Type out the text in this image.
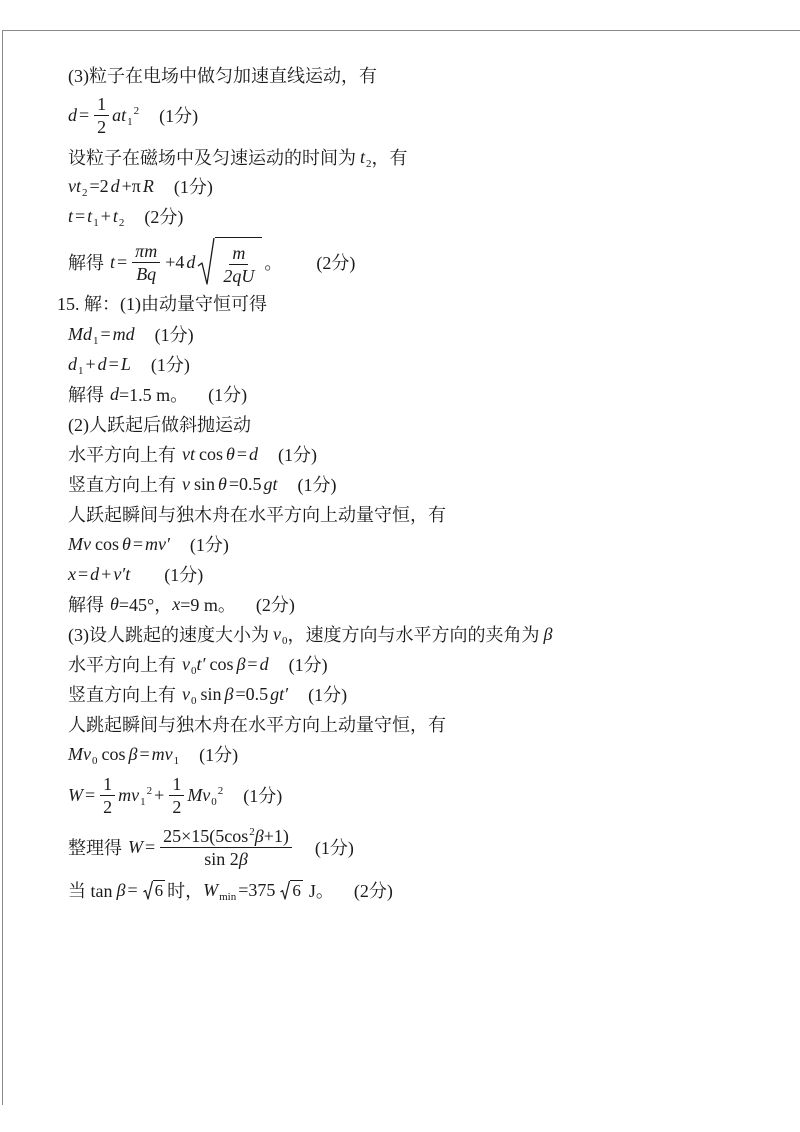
(3)粒子在电场中做匀加速直线运动，有
$d = \frac{1}{2} at_1^2$ (1分)
设粒子在磁场中及匀速运动的时间为 $t_2$ ，有
$vt_2 =2$ d +π R (1分)
$t = t_1 + t_2$ (2分)
解得 $t = \frac{\pi m}{Bq} +4$ d $\frac{m}{2qU}$ 。 (2分)
15. 解：(1)由动量守恒可得
$Md_1$ = md (1分)
$d_1 + d = L$ (1分)
解得 d =1.5 m。 (1分)
(2)人跃起后做斜抛运动
水平方向上有 vt cos θ = d (1分)
竖直方向上有 v sin θ =0.5 gt (1分)
人跃起瞬间与独木舟在水平方向上动量守恒，有
Mv cos θ = mv′ (1分)
x = d + v′t (1分)
解得 θ =45°， x =9 m。 (2分)
(3)设人跳起的速度大小为 $v_0$ ，速度方向与水平方向的夹角为 β
水平方向上有 $v_0$ t′ cos β = d (1分)
竖直方向上有 $v_0$ sin β =0.5 gt′ (1分)
人跳起瞬间与独木舟在水平方向上动量守恒，有
$Mv_0$ $\cos \beta = mv_1$ (1分)
$W = \frac{1}{2} mv_1^2 + \frac{1}{2} Mv_0^2$ (1分)
整理得 $W = \frac{25\times 15(5\cos^2\beta+1)}{\sin 2\beta} (1$分)
当 tan β = 6 时， $W_{min} =375$ 6 J。 (2分)
